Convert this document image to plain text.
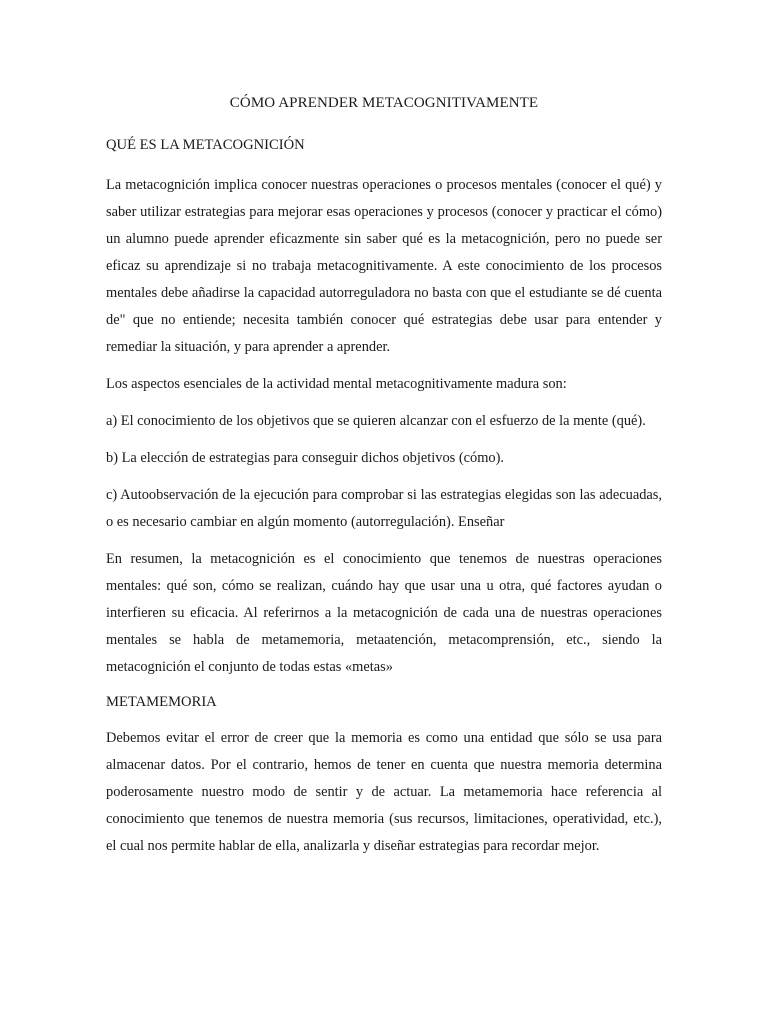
CÓMO APRENDER METACOGNITIVAMENTE
QUÉ ES LA METACOGNICIÓN

La metacognición implica conocer nuestras operaciones o procesos mentales (conocer el qué) y saber utilizar estrategias para mejorar esas operaciones y procesos (conocer y practicar el cómo) un alumno puede aprender eficazmente sin saber qué es la metacognición, pero no puede ser eficaz su aprendizaje si no trabaja metacognitivamente. A este conocimiento de los procesos mentales debe añadirse la capacidad autorreguladora no basta con que el estudiante se dé cuenta de" que no entiende; necesita también conocer qué estrategias debe usar para entender y remediar la situación, y para aprender a aprender.

Los aspectos esenciales de la actividad mental metacognitivamente madura son:

a) El conocimiento de los objetivos que se quieren alcanzar con el esfuerzo de la mente (qué).

b) La elección de estrategias para conseguir dichos objetivos (cómo).

c) Autoobservación de la ejecución para comprobar si las estrategias elegidas son las adecuadas, o es necesario cambiar en algún momento (autorregulación). Enseñar

En resumen, la metacognición es el conocimiento que tenemos de nuestras operaciones mentales: qué son, cómo se realizan, cuándo hay que usar una u otra, qué factores ayudan o interfieren su eficacia. Al referirnos a la metacognición de cada una de nuestras operaciones mentales se habla de metamemoria, metaatención, metacomprensión, etc., siendo la metacognición el conjunto de todas estas «metas»

METAMEMORIA

Debemos evitar el error de creer que la memoria es como una entidad que sólo se usa para almacenar datos. Por el contrario, hemos de tener en cuenta que nuestra memoria determina poderosamente nuestro modo de sentir y de actuar. La metamemoria hace referencia al conocimiento que tenemos de nuestra memoria (sus recursos, limitaciones, operatividad, etc.), el cual nos permite hablar de ella, analizarla y diseñar estrategias para recordar mejor.
